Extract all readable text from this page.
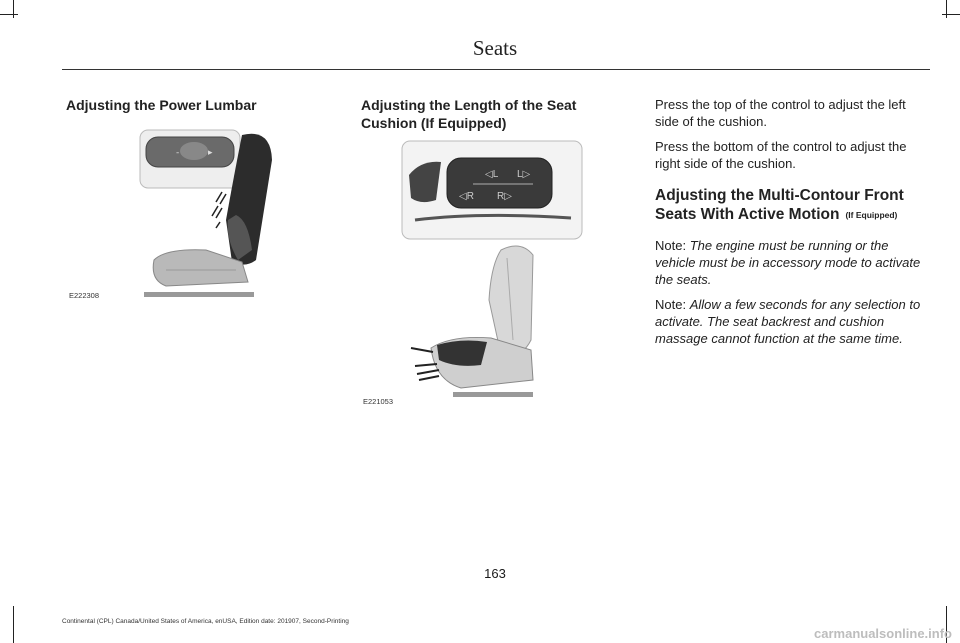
Seats
Adjusting the Power Lumbar
-	▸
E222308
Adjusting the Length of the Seat Cushion (If Equipped)
◁L L▷
◁R R▷
E221053

Press the top of the control to adjust the left side of the cushion.

Press the bottom of the control to adjust the right side of the cushion.

Adjusting the Multi-Contour Front Seats With Active Motion (If Equipped)

Note: The engine must be running or the vehicle must be in accessory mode to activate the seats.

Note: Allow a few seconds for any selection to activate. The seat backrest and cushion massage cannot function at the same time.

163
Continental (CPL) Canada/United States of America, enUSA, Edition date: 201907, Second-Printing
carmanualsonline.info
